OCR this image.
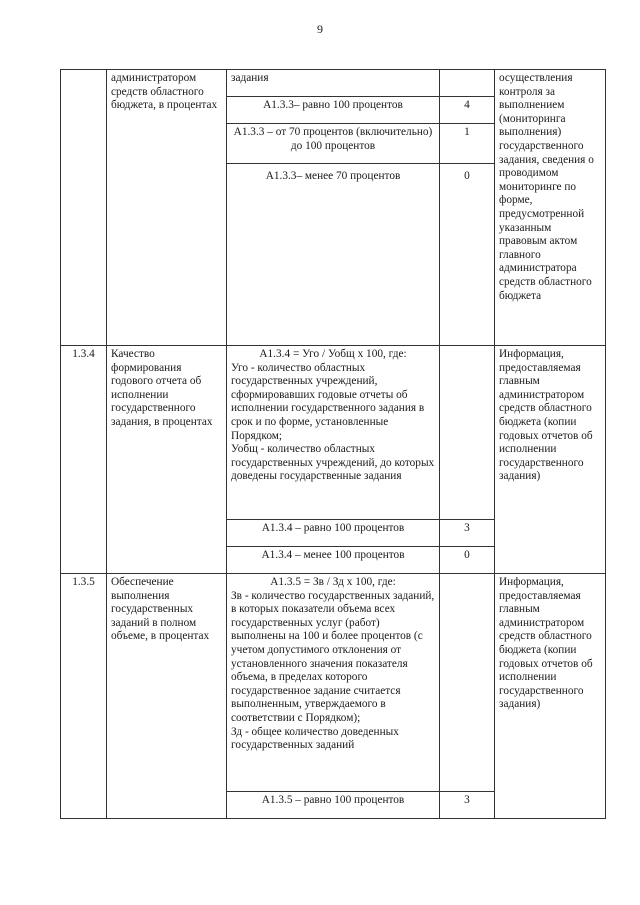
9
	администратором средств областного бюджета, в процентах	задания		осуществления контроля за выполнением (мониторинга выполнения) государственного задания, сведения о проводимом мониторинге по форме, предусмотренной указанным правовым актом главного администратора средств областного бюджета
		A1.3.3– равно 100 процентов	4	
		A1.3.3 – от 70 процентов (включительно) до 100 процентов	1	
		A1.3.3– менее 70 процентов	0	
1.3.4	Качество формирования годового отчета об исполнении государственного задания, в процентах	A1.3.4 = Уго / Уобщ х 100, где:
Уго - количество областных государственных учреждений, сформировавших годовые отчеты об исполнении государственного задания в срок и по форме, установленные Порядком;
Уобщ - количество областных государственных учреждений, до которых доведены государственные задания		Информация, предоставляемая главным администратором средств областного бюджета (копии годовых отчетов об исполнении государственного задания)
		A1.3.4 – равно 100 процентов	3	
		A1.3.4 – менее 100 процентов	0	
1.3.5	Обеспечение выполнения государственных заданий в полном объеме, в процентах	A1.3.5 = Зв / Зд х 100, где:
Зв - количество государственных заданий, в которых показатели объема всех государственных услуг (работ) выполнены на 100 и более процентов (с учетом допустимого отклонения от установленного значения показателя объема, в пределах которого государственное задание считается выполненным, утверждаемого в соответствии с Порядком);
Зд - общее количество доведенных государственных заданий		Информация, предоставляемая главным администратором средств областного бюджета (копии годовых отчетов об исполнении государственного задания)
		A1.3.5 – равно 100 процентов	3	
